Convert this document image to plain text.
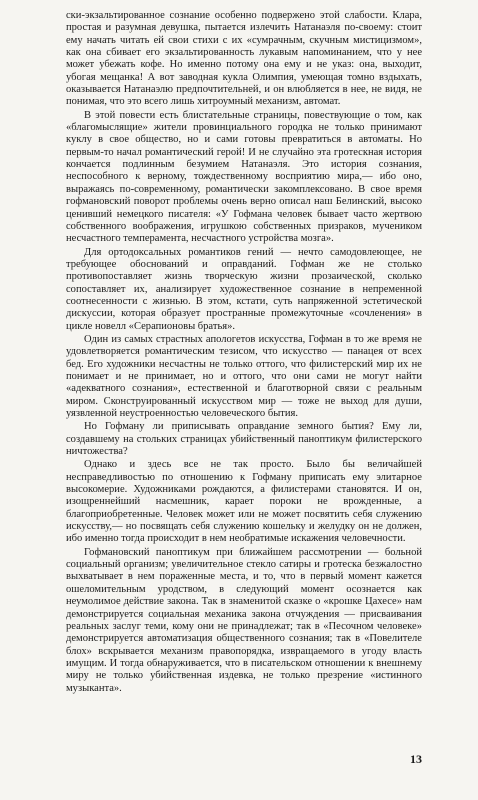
ски-экзальтированное сознание особенно подвержено этой слабости. Клара, простая и разумная девушка, пытается излечить Натанаэля по-своему: стоит ему начать читать ей свои стихи с их «сумрачным, скучным мистицизмом», как она сбивает его экзальтированность лукавым напоминанием, что у нее может убежать кофе. Но именно потому она ему и не указ: она, выходит, убогая мещанка! А вот заводная кукла Олимпия, умеющая томно вздыхать, оказывается Натанаэлю предпочтительней, и он влюбляется в нее, не видя, не понимая, что это всего лишь хитроумный механизм, автомат.

В этой повести есть блистательные страницы, повествующие о том, как «благомыслящие» жители провинциального городка не только принимают куклу в свое общество, но и сами готовы превратиться в автоматы. Но первым-то начал романтический герой! И не случайно эта гротескная история кончается подлинным безумием Натанаэля. Это история сознания, неспособного к верному, тождественному восприятию мира,— ибо оно, выражаясь по-современному, романтически закомплексовано. В свое время гофмановский поворот проблемы очень верно описал наш Белинский, высоко ценивший немецкого писателя: «У Гофмана человек бывает часто жертвою собственного воображения, игрушкою собственных призраков, мучеником несчастного темперамента, несчастного устройства мозга».

Для ортодоксальных романтиков гений — нечто самодовлеющее, не требующее обоснований и оправданий. Гофман же не столько противопоставляет жизнь творческую жизни прозаической, сколько сопоставляет их, анализирует художественное сознание в непременной соотнесенности с жизнью. В этом, кстати, суть напряженной эстетической дискуссии, которая образует пространные промежуточные «сочленения» в цикле новелл «Серапионовы братья».

Один из самых страстных апологетов искусства, Гофман в то же время не удовлетворяется романтическим тезисом, что искусство — панацея от всех бед. Его художники несчастны не только оттого, что филистерский мир их не понимает и не принимает, но и оттого, что они сами не могут найти «адекватного сознания», естественной и благотворной связи с реальным миром. Сконструированный искусством мир — тоже не выход для души, уязвленной неустроенностью человеческого бытия.

Но Гофману ли приписывать оправдание земного бытия? Ему ли, создавшему на стольких страницах убийственный паноптикум филистерского ничтожества?

Однако и здесь все не так просто. Было бы величайшей несправедливостью по отношению к Гофману приписать ему элитарное высокомерие. Художниками рождаются, а филистерами становятся. И он, изощреннейший насмешник, карает пороки не врожденные, а благоприобретенные. Человек может или не может посвятить себя служению искусству,— но посвящать себя служению кошельку и желудку он не должен, ибо именно тогда происходит в нем необратимые искажения человечности.

Гофмановский паноптикум при ближайшем рассмотрении — больной социальный организм; увеличительное стекло сатиры и гротеска безжалостно выхватывает в нем пораженные места, и то, что в первый момент кажется ошеломительным уродством, в следующий момент осознается как неумолимое действие закона. Так в знаменитой сказке о «крошке Цахесе» нам демонстрируется социальная механика закона отчуждения — присваивания реальных заслуг теми, кому они не принадлежат; так в «Песочном человеке» демонстрируется автоматизация общественного сознания; так в «Повелителе блох» вскрывается механизм правопорядка, извращаемого в угоду власть имущим. И тогда обнаруживается, что в писательском отношении к внешнему миру не только убийственная издевка, не только презрение «истинного музыканта».

13
